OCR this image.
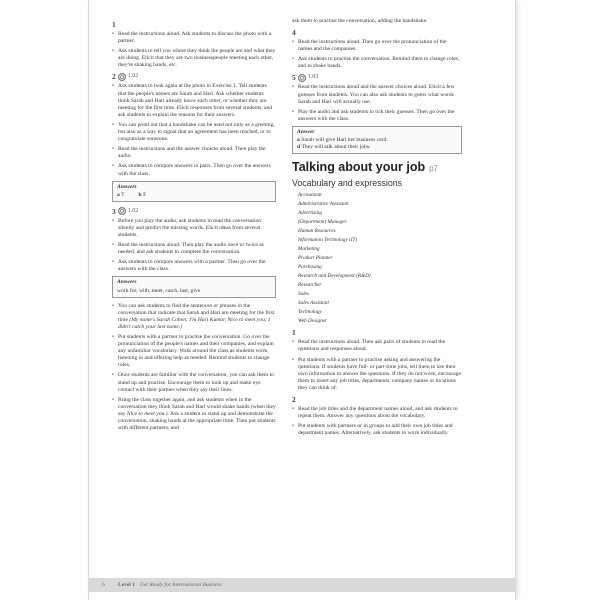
1
• Read the instructions aloud. Ask students to discuss the photo with a partner.
• Ask students to tell you where they think the people are and what they are doing. Elicit that they are two businesspeople meeting each other, they're shaking hands, etc.
2 1.02
• Ask students to look again at the photo in Exercise 1. Tell students that the people's names are Sarah and Hari. Ask whether students think Sarah and Hari already know each other, or whether they are meeting for the first time. Elicit responses from several students, and ask students to explain the reasons for their answers.
• You can point out that a handshake can be used not only as a greeting, but also as a way to signal that an agreement has been reached, or to congratulate someone.
• Read the instructions and the answer choices aloud. Then play the audio.
• Ask students to compare answers in pairs. Then go over the answers with the class.
Answers
a T	b F
3 1.02
• Before you play the audio, ask students to read the conversation silently and predict the missing words. Elicit ideas from several students.
• Read the instructions aloud. Then play the audio once or twice as needed, and ask students to complete the conversation.
• Ask students to compare answers with a partner. Then go over the answers with the class.
Answers
work for, with, meet, catch, last, give
• You can ask students to find the sentences or phrases in the conversation that indicate that Sarah and Hari are meeting for the first time (My name's Sarah Cohen; I'm Hari Kumar, Nice to meet you; I didn't catch your last name.)
• Put students with a partner to practise the conversation. Go over the pronunciation of the people's names and their companies, and explain any unfamiliar vocabulary. Walk around the class as students work, listening in and offering help as needed. Remind students to change roles.
• Once students are familiar with the conversation, you can ask them to stand up and practise. Encourage them to look up and make eye contact with their partner when they say their lines.
• Bring the class together again, and ask students when in the conversation they think Sarah and Hari would shake hands (when they say Nice to meet you.). Ask a student to stand up and demonstrate the conversation, shaking hands at the appropriate time. Then put students with different partners, and
ask them to practise the conversation, adding the handshake.
4
• Read the instructions aloud. Then go over the pronunciation of the names and the companies.
• Ask students to practise the conversation. Remind them to change roles, and to shake hands.
5 1.03
• Read the instructions aloud and the answer choices aloud. Elicit a few guesses from students. You can also ask students to guess what words Sarah and Hari will actually use.
• Play the audio and ask students to tick their guesses. Then go over the answers with the class.
Answer
a Sarah will give Hari her business card.
d They will talk about their jobs.
Talking about your job p7
Vocabulary and expressions
Accountant
Administrative Assistant
Advertising
(Department) Manager
Human Resources
Information Technology (IT)
Marketing
Product Planner
Purchasing
Research and Development (R&D)
Researcher
Sales
Sales Assistant
Technology
Web Designer
1
• Read the instructions aloud. Then ask pairs of students to read the questions and responses aloud.
• Put students with a partner to practise asking and answering the questions. If students have full- or part-time jobs, tell them to use their own information to answer the questions. If they do not work, encourage them to insert any job titles, departments, company names or locations they can think of.
2
• Read the job titles and the department names aloud, and ask students to repeat them. Answer any questions about the vocabulary.
• Put students with partners or in groups to add their own job titles and department names. Alternatively, ask students to work individually.
6 Level 1 Get Ready for International Business
